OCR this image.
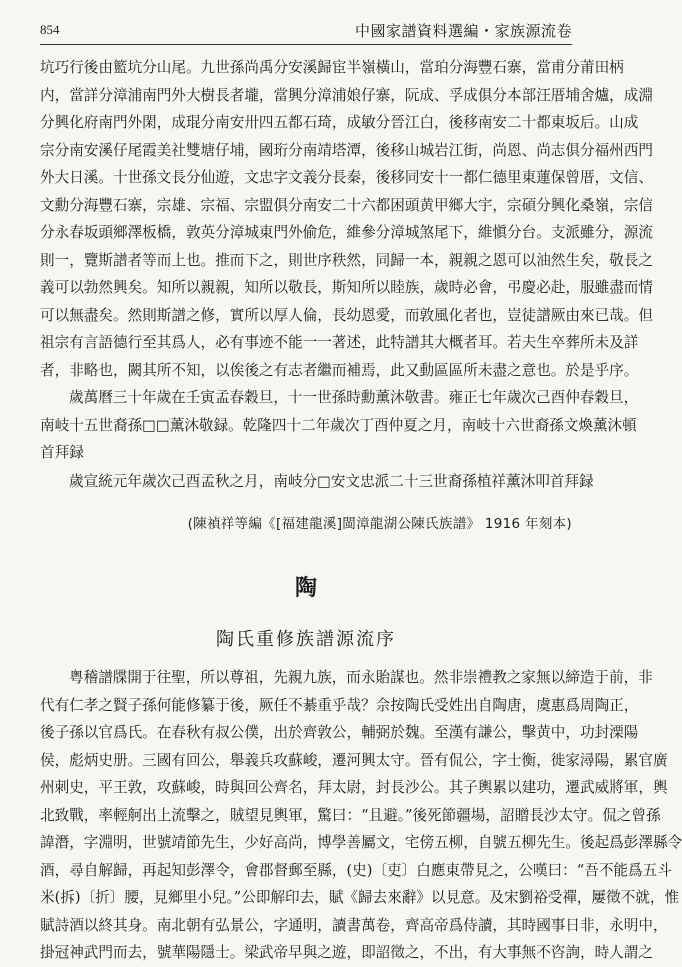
854	中國家譜資料選編・家族源流卷
坑巧行後由籃坑分山尾。九世孫尚禹分安溪歸宦半嶺橫山，當珀分海豐石寨，當甫分莆田柄
内，當詳分漳浦南門外大樹長者壠，當興分漳浦娘仔寨，阮成、孚成俱分本部汪厝埔舍爐，成淵
分興化府南門外閑，成琨分南安卅四五都石琦，成敏分晉江白，後移南安二十都東坂后。山成
宗分南安溪仔尾霞美社雙塘仔埔，國珩分南靖塔潭，後移山城岩江街，尚恩、尚志俱分福州西門
外大日溪。十世孫文長分仙遊，文忠字文義分長秦，後移同安十一都仁德里東蓮保曾厝，文信、
文勳分海豐石寨，宗雄、宗福、宗盟俱分南安二十六都困頭黄甲鄉大宇，宗碩分興化桑嶺，宗信
分永春坂頭鄉澤板橋，敦英分漳城東門外偷危，維參分漳城煞尾下，維愼分台。支派雖分，源流
則一，覽斯譜者等而上也。推而下之，則世序秩然，同歸一本，親親之恩可以油然生矣，敬長之
義可以勃然興矣。知所以親親，知所以敬長，斯知所以睦族，歲時必會，弔慶必赴，服雖盡而情
可以無盡矣。然則斯譜之修，實所以厚人倫，長幼恩愛，而敦風化者也，豈徒譜厥由來已哉。但
祖宗有言語德行至其爲人，必有事迹不能一一著述，此特譜其大概者耳。若夫生卒葬所未及詳
者，非略也，闕其所不知，以俟後之有志者繼而補焉，此又動區區所未盡之意也。於是乎序。
歲萬曆三十年歲在壬寅孟春穀旦，十一世孫時勳薰沐敬書。雍正七年歲次己酉仲春穀旦，
南岐十五世裔孫□□薰沐敬録。乾隆四十二年歲次丁酉仲夏之月，南岐十六世裔孫文煥薰沐頓
首拜録
歲宣統元年歲次己酉孟秋之月，南岐分□安文忠派二十三世裔孫植祥薰沐叩首拜録
(陳禎祥等編《[福建龍溪]閩漳龍湖公陳氏族譜》 1916 年刻本)
陶
陶氏重修族譜源流序
粤稽譜牒開于往聖，所以尊祖，先親九族，而永貽謀也。然非崇禮教之家無以締造于前，非
代有仁孝之賢子孫何能修纂于後，厥任不綦重乎哉？佘按陶氏受姓出自陶唐，虞惠爲周陶正，
後子孫以官爲氏。在春秋有叔公僕，出於齊敦公，輔弼於魏。至漢有謙公，擊黄中，功封溧陽
侯，彪炳史册。三國有回公，舉義兵攻蘇峻，遷河興太守。晉有侃公，字士衡，徙家潯陽，累官廣
州刺史，平王敦，攻蘇峻，時與回公齊名，拜太尉，封長沙公。其子輿累以建功，遷武威將軍，輿
北致戰，率輕舸出上流擊之，賊望見輿軍，驚曰：“且避。”後死節疆場，詔贈長沙太守。侃之曾孫
諱潛，字淵明，世號靖節先生，少好高尚，博學善屬文，宅傍五柳，自號五柳先生。後起爲彭澤縣令
酒，尋自解歸，再起知彭澤令，會郡督郵至縣，(史)〔吏〕白應東帶見之，公嘆曰：“吾不能爲五斗
米(拆)〔折〕腰，見鄉里小兒。”公即解印去，賦《歸去來辭》以見意。及宋劉裕受禪，屢徵不就，惟
賦詩酒以終其身。南北朝有弘景公，字通明，讀書萬卷，齊高帝爲侍讀，其時國事日非，永明中，
掛冠神武門而去，號華陽隱士。梁武帝早與之遊，即詔徵之，不出，有大事無不咨詢，時人謂之
